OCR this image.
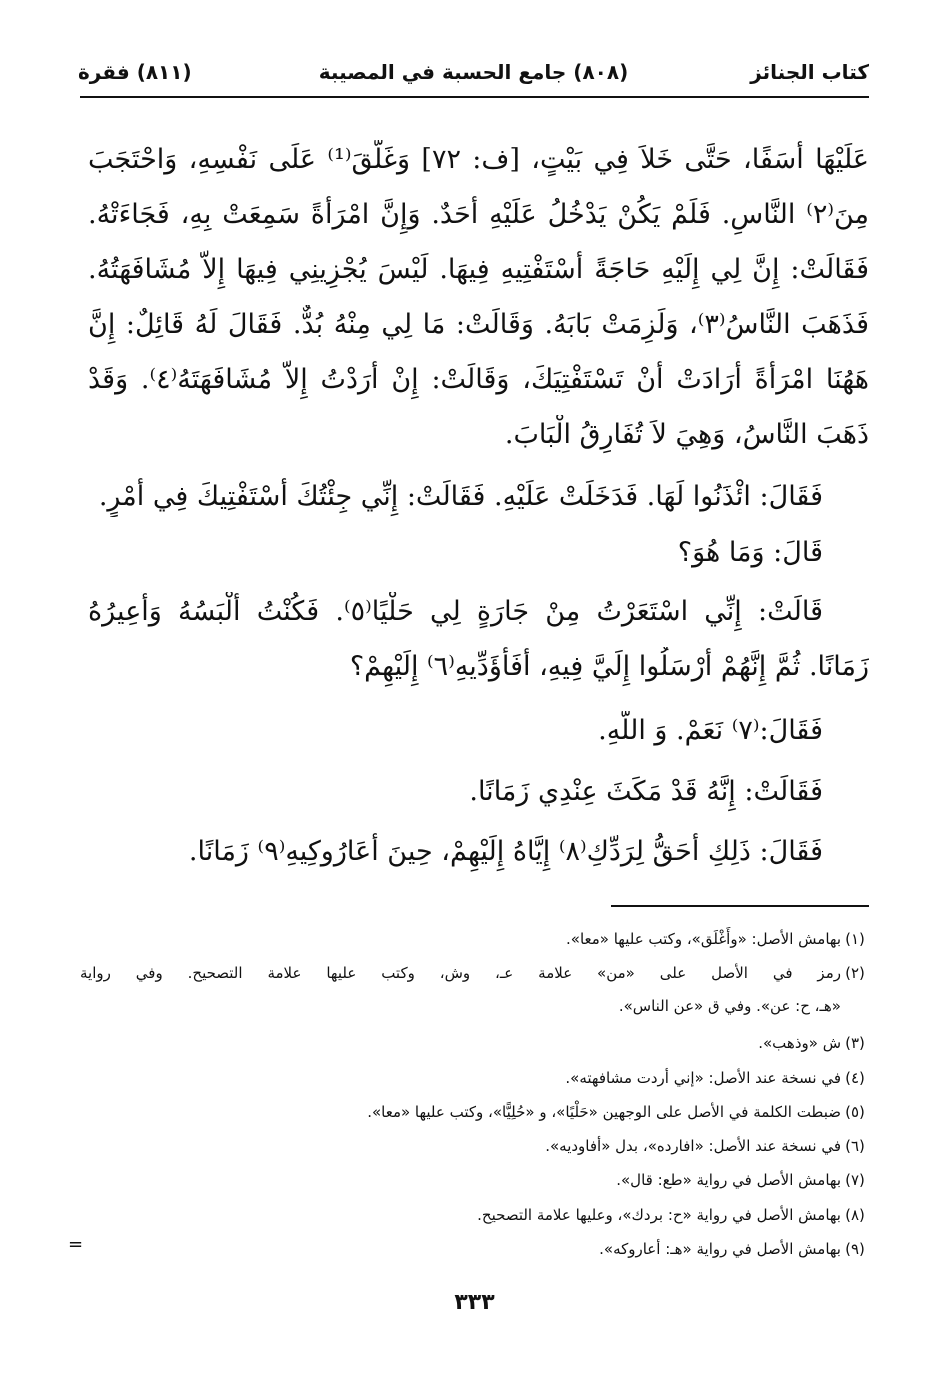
كتاب الجنائز
(٨٠٨) جامع الحسبة في المصيبة
(٨١١) فقرة
عَلَيْهَا أَسَفًا، حَتَّى خَلاَ فِي بَيْتٍ، [ف: ٧٢] وَغَلَّقَ⁽¹⁾ عَلَى نَفْسِهِ، وَاحْتَجَبَ
مِنَ⁽٢⁾ النَّاسِ. فَلَمْ يَكُنْ يَدْخُلُ عَلَيْهِ أَحَدٌ. وَإِنَّ امْرَأَةً سَمِعَتْ بِهِ، فَجَاءَتْهُ.
فَقَالَتْ: إِنَّ لِي إِلَيْهِ حَاجَةً أَسْتَفْتِيهِ فِيهَا. لَيْسَ يُجْزِينِي فِيهَا إِلاَّ مُشَافَهَتُهُ.
فَذَهَبَ النَّاسُ⁽٣⁾، وَلَزِمَتْ بَابَهُ. وَقَالَتْ: مَا لِي مِنْهُ بُدٌّ. فَقَالَ لَهُ قَائِلٌ: إِنَّ
هَهُنَا امْرَأَةً أَرَادَتْ أَنْ تَسْتَفْتِيَكَ، وَقَالَتْ: إِنْ أَرَدْتُ إِلاَّ مُشَافَهَتَهُ⁽٤⁾. وَقَدْ
ذَهَبَ النَّاسُ، وَهِيَ لاَ تُفَارِقُ الْبَابَ.
فَقَالَ: ائْذَنُوا لَهَا. فَدَخَلَتْ عَلَيْهِ. فَقَالَتْ: إِنِّي جِئْتُكَ أَسْتَفْتِيكَ فِي أَمْرٍ.
قَالَ: وَمَا هُوَ؟
قَالَتْ: إِنِّي اسْتَعَرْتُ مِنْ جَارَةٍ لِي حَلْيًا⁽٥⁾. فَكُنْتُ أَلْبَسُهُ وَأُعِيرُهُ
زَمَانًا. ثُمَّ إِنَّهُمْ أَرْسَلُوا إِلَيَّ فِيهِ، أَفَأُؤَدِّيهِ⁽٦⁾ إِلَيْهِمْ؟
فَقَالَ:⁽٧⁾ نَعَمْ. وَ اللَّهِ.
فَقَالَتْ: إِنَّهُ قَدْ مَكَثَ عِنْدِي زَمَانًا.
فَقَالَ: ذَلِكِ أَحَقُّ لِرَدِّكِ⁽٨⁾ إِيَّاهُ إِلَيْهِمْ، حِينَ أَعَارُوكِيهِ⁽٩⁾ زَمَانًا.
(١)
بهامش الأصل: «وأَغْلَق»، وكتب عليها «معا».
(٢)
رمز في الأصل على «من» علامة عـ، وش، وكتب عليها علامة التصحيح. وفي رواية
«هـ، ح: عن». وفي ق «عن الناس».
(٣)
ش «وذهب».
(٤)
في نسخة عند الأصل: «إني أردت مشافهته».
(٥)
ضبطت الكلمة في الأصل على الوجهين «حَلْيًا»، و «حُلِيًّا»، وكتب عليها «معا».
(٦)
في نسخة عند الأصل: «افارده»، بدل «أفاوديه».
(٧)
بهامش الأصل في رواية «طع: قال».
(٨)
بهامش الأصل في رواية «ح: بردك»، وعليها علامة التصحيح.
(٩)
بهامش الأصل في رواية «هـ: أعاروكه».
=
٣٣٣
